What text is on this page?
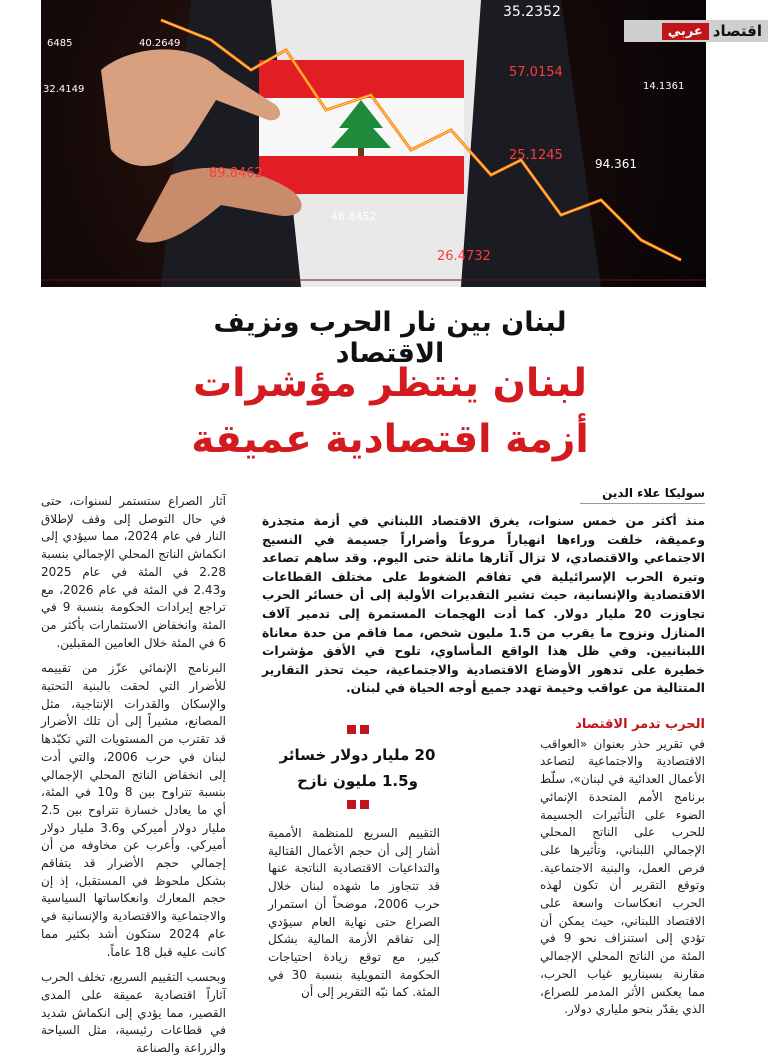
35.2352
40.2649
6485
57.0154
14.1361
32.4149
25.1245
94.361
89.8462
46.8452
26.4732
اقتصاد
عربي
لبنان بين نار الحرب ونزيف الاقتصاد
لبنان ينتظر مؤشرات
أزمة اقتصادية عميقة
سوليكا علاء الدين
منذ أكثر من خمس سنوات، يغرق الاقتصاد اللبناني في أزمة متجذرة وعميقة، خلفت وراءها انهياراً مروعاً وأضراراً جسيمة في النسيج الاجتماعي والاقتصادي، لا تزال آثارها ماثلة حتى اليوم. وقد ساهم تصاعد وتيرة الحرب الإسرائيلية في تفاقم الضغوط على مختلف القطاعات الاقتصادية والإنسانية، حيث تشير التقديرات الأولية إلى أن خسائر الحرب تجاوزت 20 مليار دولار. كما أدت الهجمات المستمرة إلى تدمير آلاف المنازل ونزوح ما يقرب من 1.5 مليون شخص، مما فاقم من حدة معاناة اللبنانيين. وفي ظل هذا الواقع المأساوي، تلوح في الأفق مؤشرات خطيرة على تدهور الأوضاع الاقتصادية والاجتماعية، حيث تحذر التقارير المتتالية من عواقب وخيمة تهدد جميع أوجه الحياة في لبنان.
الحرب تدمر الاقتصاد
في تقرير حذر بعنوان «العواقب الاقتصادية والاجتماعية لتصاعد الأعمال العدائية في لبنان»، سلّط برنامج الأمم المتحدة الإنمائي الضوء على التأثيرات الجسيمة للحرب على الناتج المحلي الإجمالي اللبناني، وتأثيرها على فرص العمل، والبنية الاجتماعية. وتوقع التقرير أن تكون لهذه الحرب انعكاسات واسعة على الاقتصاد اللبناني، حيث يمكن أن تؤدي إلى استنزاف نحو 9 في المئة من الناتج المحلي الإجمالي مقارنة بسيناريو غياب الحرب، مما يعكس الأثر المدمر للصراع، الذي يقدّر بنحو ملياري دولار.
20 مليار دولار خسائر
و1.5 مليون نازح
التقييم السريع للمنظمة الأممية أشار إلى أن حجم الأعمال القتالية والتداعيات الاقتصادية الناتجة عنها قد تتجاوز ما شهده لبنان خلال حرب 2006، موضحاً أن استمرار الصراع حتى نهاية العام سيؤدي إلى تفاقم الأزمة المالية بشكل كبير، مع توقع زيادة احتياجات الحكومة التمويلية بنسبة 30 في المئة. كما نبّه التقرير إلى أن
آثار الصراع ستستمر لسنوات، حتى في حال التوصل إلى وقف لإطلاق النار في عام 2024، مما سيؤدي إلى انكماش الناتج المحلي الإجمالي بنسبة 2.28 في المئة في عام 2025 و2.43 في المئة في عام 2026، مع تراجع إيرادات الحكومة بنسبة 9 في المئة وانخفاض الاستثمارات بأكثر من 6 في المئة خلال العامين المقبلين.
البرنامج الإنمائي عزّز من تقييمه للأضرار التي لحقت بالبنية التحتية والإسكان والقدرات الإنتاجية، مثل المصانع، مشيراً إلى أن تلك الأضرار قد تقترب من المستويات التي تكبّدها لبنان في حرب 2006، والتي أدت إلى انخفاض الناتج المحلي الإجمالي بنسبة تتراوح بين 8 و10 في المئة، أي ما يعادل خسارة تتراوح بين 2.5 مليار دولار أميركي و3.6 مليار دولار أميركي. وأعرب عن مخاوفه من أن إجمالي حجم الأضرار قد يتفاقم بشكل ملحوظ في المستقبل، إذ إن حجم المعارك وانعكاساتها السياسية والاجتماعية والاقتصادية والإنسانية في عام 2024 ستكون أشد بكثير مما كانت عليه قبل 18 عاماً.
وبحسب التقييم السريع، تخلف الحرب آثاراً اقتصادية عميقة على المدى القصير، مما يؤدي إلى انكماش شديد في قطاعات رئيسية، مثل السياحة والزراعة والصناعة
